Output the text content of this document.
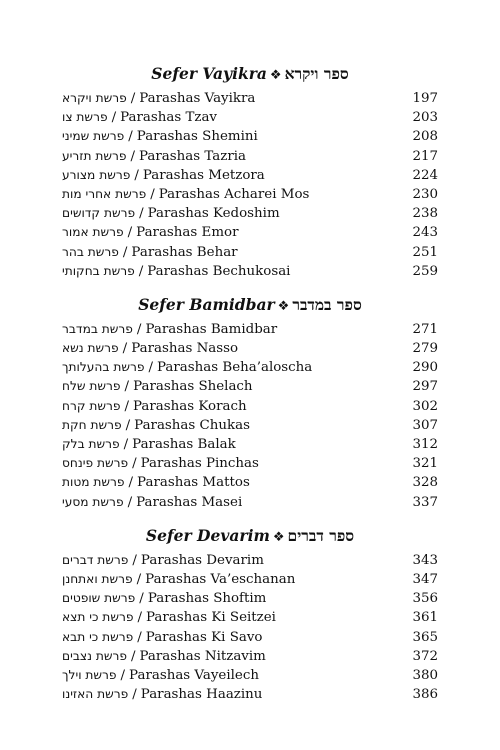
Sefer Vayikra ❖ ספר ויקרא
פרשת ויקרא / Parashas Vayikra	197
פרשת צו / Parashas Tzav	203
פרשת שמיני / Parashas Shemini	208
פרשת תזריע / Parashas Tazria	217
פרשת מצורע / Parashas Metzora	224
פרשת אחרי מות / Parashas Acharei Mos	230
פרשת קדושים / Parashas Kedoshim	238
פרשת אמור / Parashas Emor	243
פרשת בהר / Parashas Behar	251
פרשת בחקותי / Parashas Bechukosai	259
Sefer Bamidbar ❖ ספר במדבר
פרשת במדבר / Parashas Bamidbar	271
פרשת נשא / Parashas Nasso	279
פרשת בהעלותך / Parashas Beha’aloscha	290
פרשת שלח / Parashas Shelach	297
פרשת קרח / Parashas Korach	302
פרשת חקת / Parashas Chukas	307
פרשת בלק / Parashas Balak	312
פרשת פינחס / Parashas Pinchas	321
פרשת מטות / Parashas Mattos	328
פרשת מסעי / Parashas Masei	337
Sefer Devarim ❖ ספר דברים
פרשת דברים / Parashas Devarim	343
פרשת ואתחנן / Parashas Va’eschanan	347
פרשת שופטים / Parashas Shoftim	356
פרשת כי תצא / Parashas Ki Seitzei	361
פרשת כי תבא / Parashas Ki Savo	365
פרשת נצבים / Parashas Nitzavim	372
פרשת וילך / Parashas Vayeilech	380
פרשת האזינו / Parashas Haazinu	386
